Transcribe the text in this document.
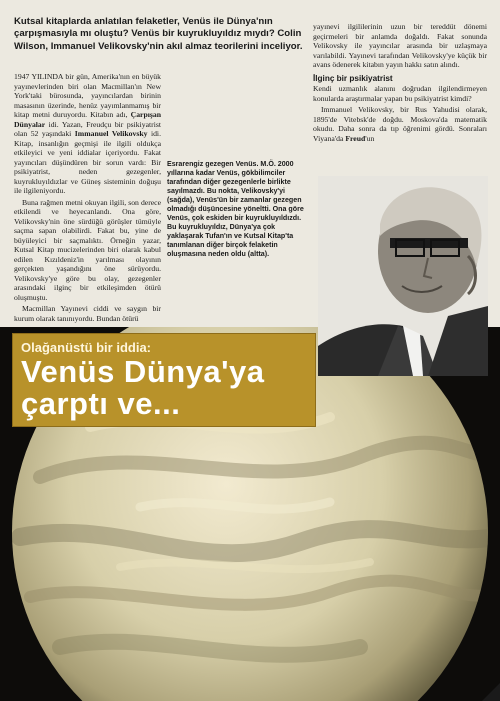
Kutsal kitaplarda anlatılan felaketler, Venüs ile Dünya'nın çarpışmasıyla mı oluştu? Venüs bir kuyrukluyıldız mıydı? Colin Wilson, Immanuel Velikovsky'nin akıl almaz teorilerini inceliyor.

1947 YILINDA bir gün, Amerika'nın en büyük yayınevlerinden biri olan Macmillan'ın New York'taki bürosunda, yayıncılardan birinin masasının üzerinde, henüz yayımlanmamış bir kitap metni duruyordu. Kitabın adı, Çarpışan Dünyalar idi. Yazan, Freudçu bir psikiyatrist olan 52 yaşındaki Immanuel Velikovsky idi. Kitap, insanlığın geçmişi ile ilgili oldukça etkileyici ve yeni iddialar içeriyordu. Fakat yayıncıları düşündüren bir sorun vardı: Bir psikiyatrist, neden gezegenler, kuyrukluyıldızlar ve Güneş sisteminin doğuşu ile ilgileniyordu.

Buna rağmen metni okuyan ilgili, son derece etkilendi ve heyecanlandı. Ona göre, Velikovsky'nin öne sürdüğü görüşler tümüyle saçma sapan olabilirdi. Fakat bu, yine de büyüleyici bir saçmalıktı. Örneğin yazar, Kutsal Kitap mucizelerinden biri olarak kabul edilen Kızıldeniz'in yarılması olayının gerçekten yaşandığını öne sürüyordu. Velikovsky'ye göre bu olay, gezegenler arasındaki ilginç bir etkileşimden ötürü oluşmuştu.

Macmillan Yayınevi ciddi ve saygın bir kurum olarak tanınıyordu. Bundan ötürü

Esrarengiz gezegen Venüs. M.Ö. 2000 yıllarına kadar Venüs, gökbilimciler tarafından diğer gezegenlerle birlikte sayılmazdı. Bu nokta, Velikovsky'yi (sağda), Venüs'ün bir zamanlar gezegen olmadığı düşüncesine yöneltti. Ona göre Venüs, çok eskiden bir kuyrukluyıldızdı. Bu kuyrukluyıldız, Dünya'ya çok yaklaşarak Tufan'ın ve Kutsal Kitap'ta tanımlanan diğer birçok felaketin oluşmasına neden oldu (altta).

yayınevi ilgililerinin uzun bir tereddüt dönemi geçirmeleri bir anlamda doğaldı. Fakat sonunda Velikovsky ile yayıncılar arasında bir uzlaşmaya varılabildi. Yayınevi tarafından Velikovsky'ye küçük bir avans ödenerek kitabın yayın hakkı satın alındı.

İlginç bir psikiyatrist

Kendi uzmanlık alanını doğrudan ilgilendirmeyen konularda araştırmalar yapan bu psikiyatrist kimdi?

Immanuel Velikovsky, bir Rus Yahudisi olarak, 1895'de Vitebsk'de doğdu. Moskova'da matematik okudu. Daha sonra da tıp öğrenimi gördü. Sonraları Viyana'da Freud'un

Olağanüstü bir iddia:
Venüs Dünya'ya çarptı ve...
